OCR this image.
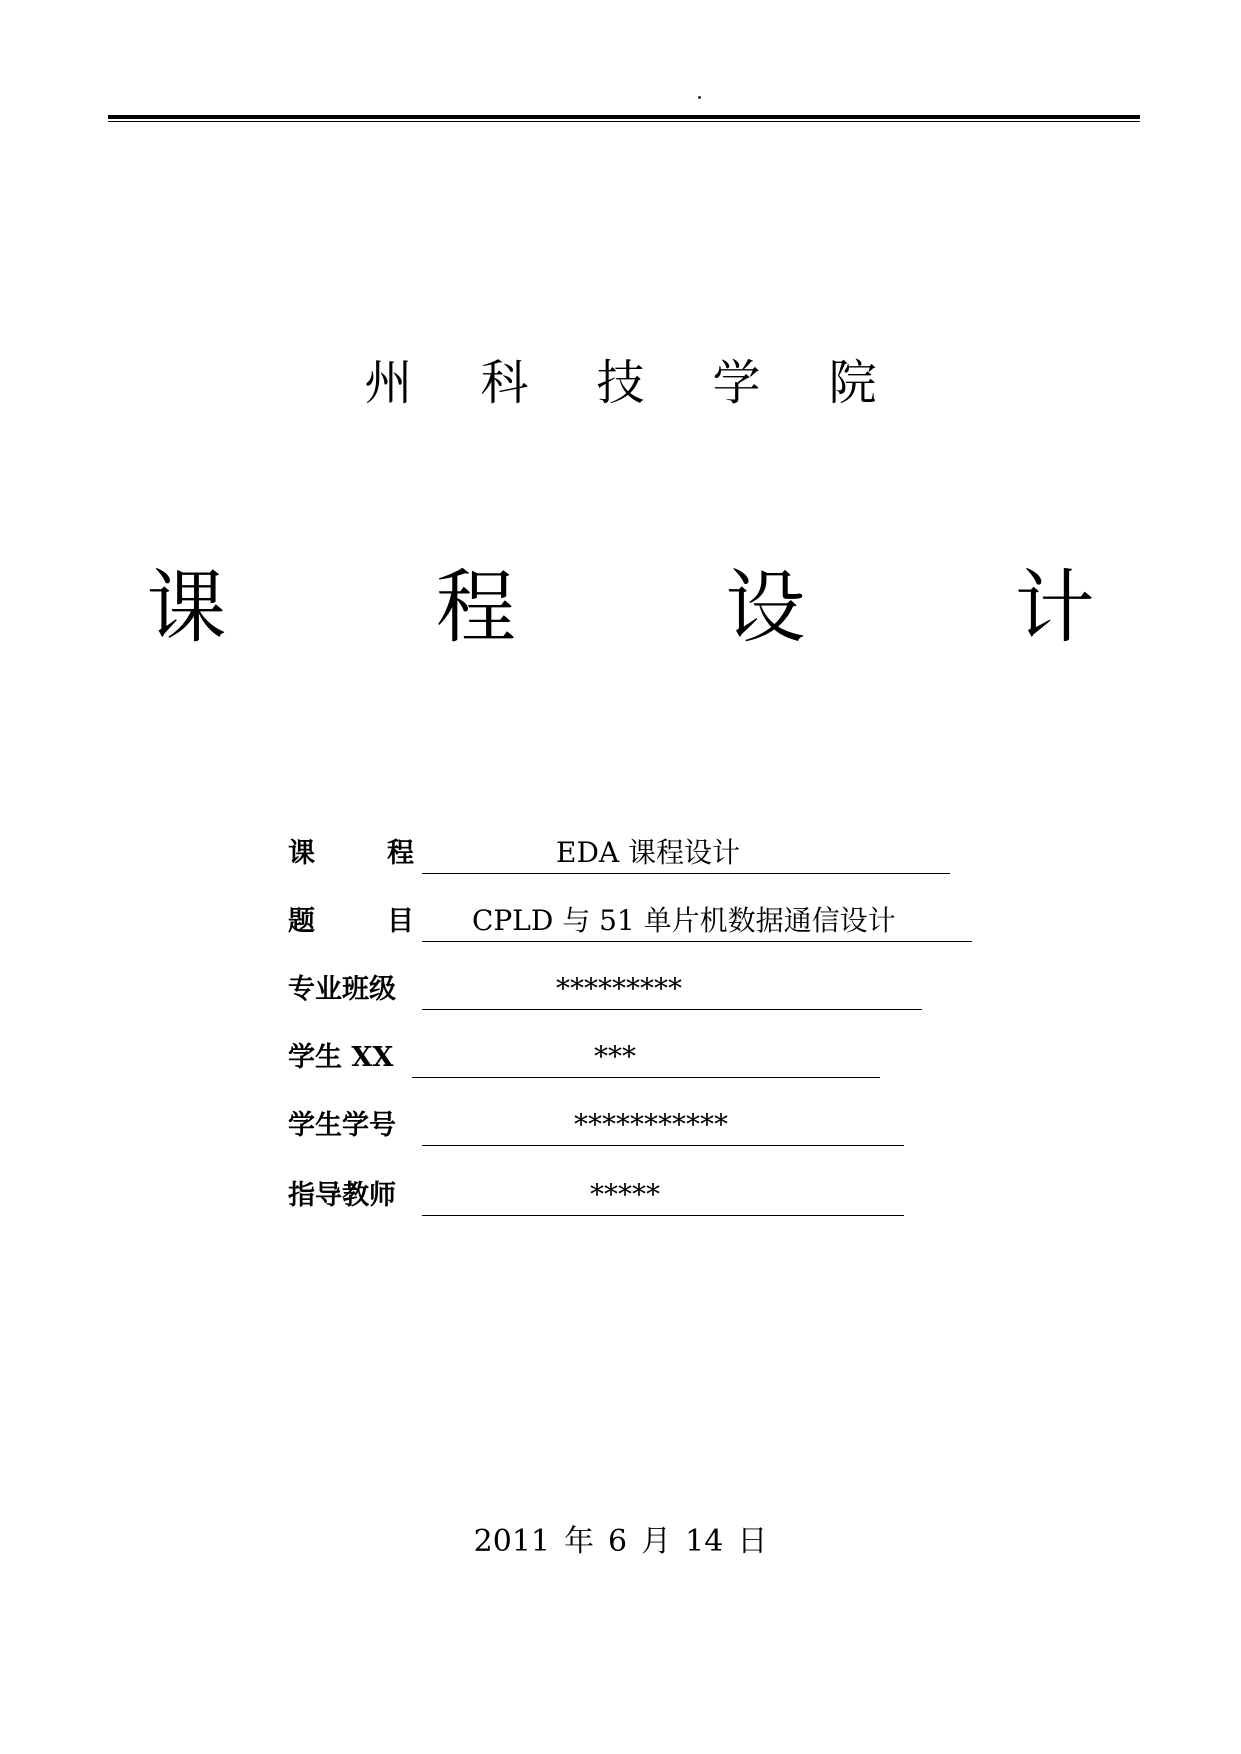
州 科 技 学 院
课 程 设 计
课	程	EDA 课程设计
题	目 CPLD 与 51 单片机数据通信设计
专业班级	*********
学生 XX	***
学生学号	***********
指导教师	*****
2011 年 6 月 14 日
